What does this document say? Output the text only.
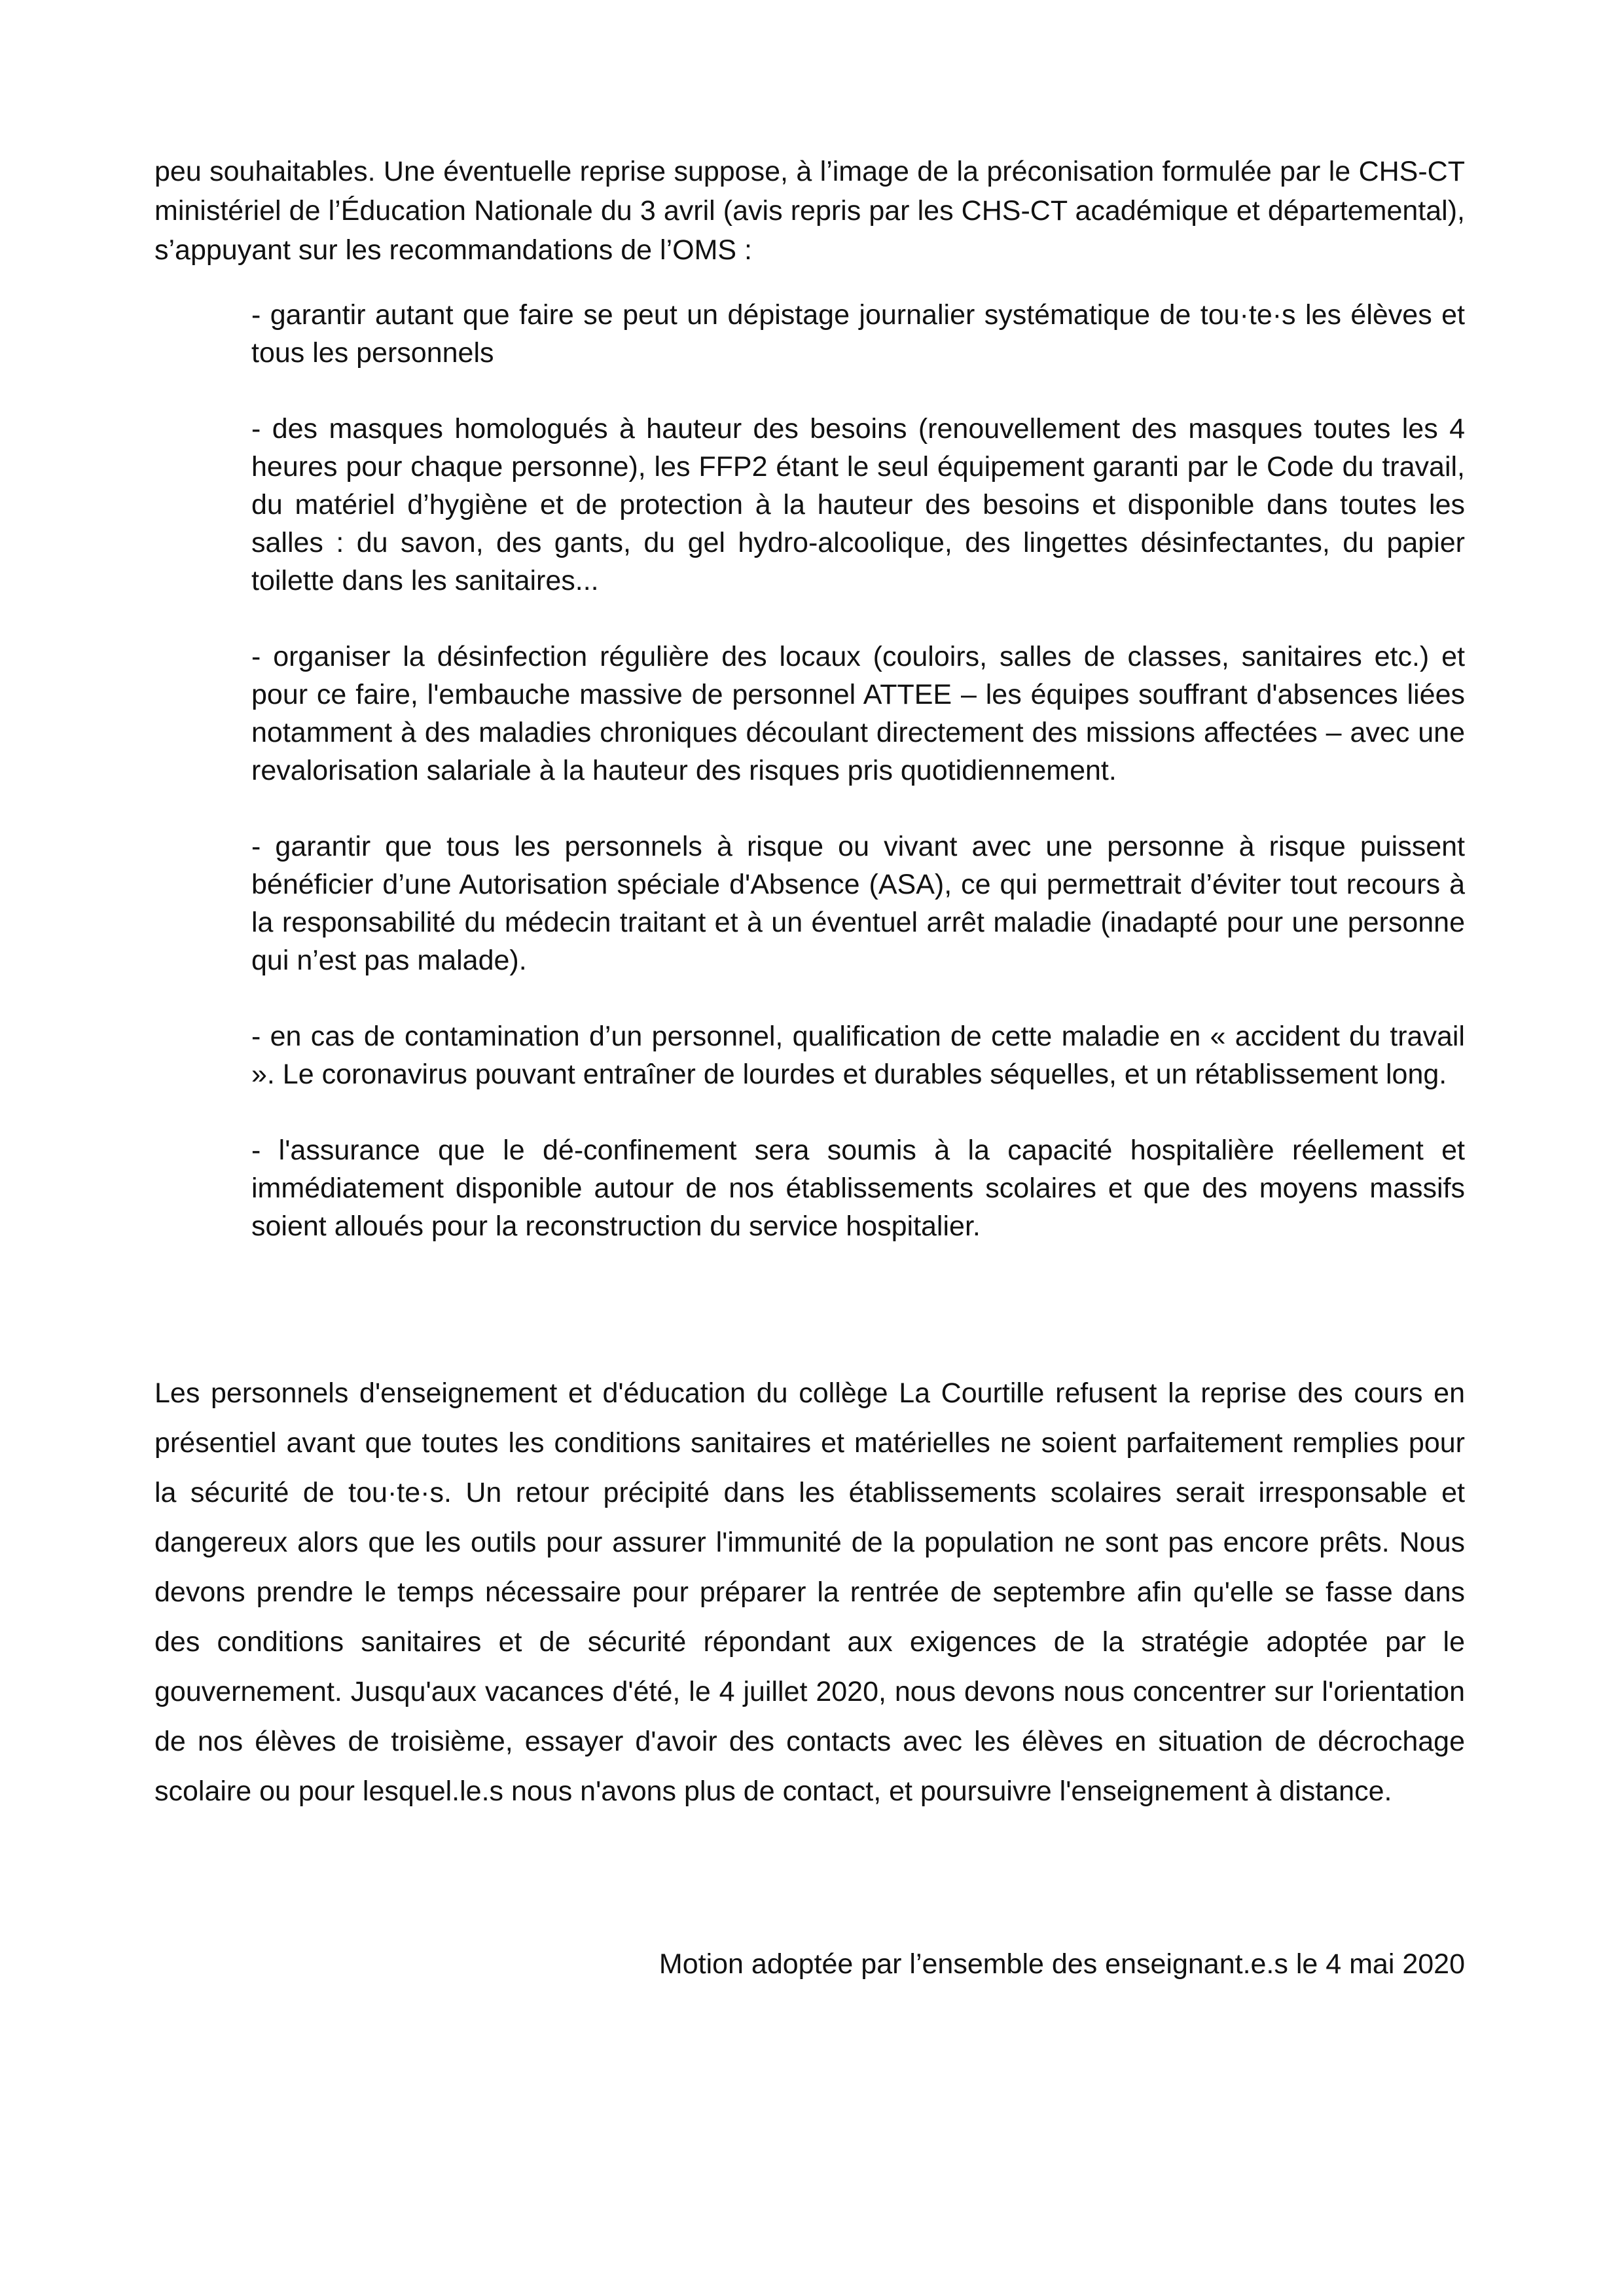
peu souhaitables. Une éventuelle reprise suppose, à l’image de la préconisation formulée par le CHS-CT ministériel de l’Éducation Nationale du 3 avril (avis repris par les CHS-CT académique et départemental), s’appuyant sur les recommandations de l’OMS :

- garantir autant que faire se peut un dépistage journalier systématique de tou·te·s les élèves et tous les personnels

- des masques homologués à hauteur des besoins (renouvellement des masques toutes les 4 heures pour chaque personne), les FFP2 étant le seul équipement garanti par le Code du travail, du matériel d’hygiène et de protection à la hauteur des besoins et disponible dans toutes les salles : du savon, des gants, du gel hydro-alcoolique, des lingettes désinfectantes, du papier toilette dans les sanitaires...

- organiser la désinfection régulière des locaux (couloirs, salles de classes, sanitaires etc.) et pour ce faire, l'embauche massive de personnel ATTEE – les équipes souffrant d'absences liées notamment à des maladies chroniques découlant directement des missions affectées – avec une revalorisation salariale à la hauteur des risques pris quotidiennement.

- garantir que tous les personnels à risque ou vivant avec une personne à risque puissent bénéficier d’une Autorisation spéciale d'Absence (ASA), ce qui permettrait d’éviter tout recours à la responsabilité du médecin traitant et à un éventuel arrêt maladie (inadapté pour une personne qui n’est pas malade).

- en cas de contamination d’un personnel, qualification de cette maladie en « accident du travail ». Le coronavirus pouvant entraîner de lourdes et durables séquelles, et un rétablissement long.

- l'assurance que le dé-confinement sera soumis à la capacité hospitalière réellement et immédiatement disponible autour de nos établissements scolaires et que des moyens massifs soient alloués pour la reconstruction du service hospitalier.

Les personnels d'enseignement et d'éducation du collège La Courtille refusent la reprise des cours en présentiel avant que toutes les conditions sanitaires et matérielles ne soient parfaitement remplies pour la sécurité de tou·te·s. Un retour précipité dans les établissements scolaires serait irresponsable et dangereux alors que les outils pour assurer l'immunité de la population ne sont pas encore prêts. Nous devons prendre le temps nécessaire pour préparer la rentrée de septembre afin qu'elle se fasse dans des conditions sanitaires et de sécurité répondant aux exigences de la stratégie adoptée par le gouvernement. Jusqu'aux vacances d'été, le 4 juillet 2020, nous devons nous concentrer sur l'orientation de nos élèves de troisième, essayer d'avoir des contacts avec les élèves en situation de décrochage scolaire ou pour lesquel.le.s nous n'avons plus de contact, et poursuivre l'enseignement à distance.

Motion adoptée par l’ensemble des enseignant.e.s le 4 mai 2020
